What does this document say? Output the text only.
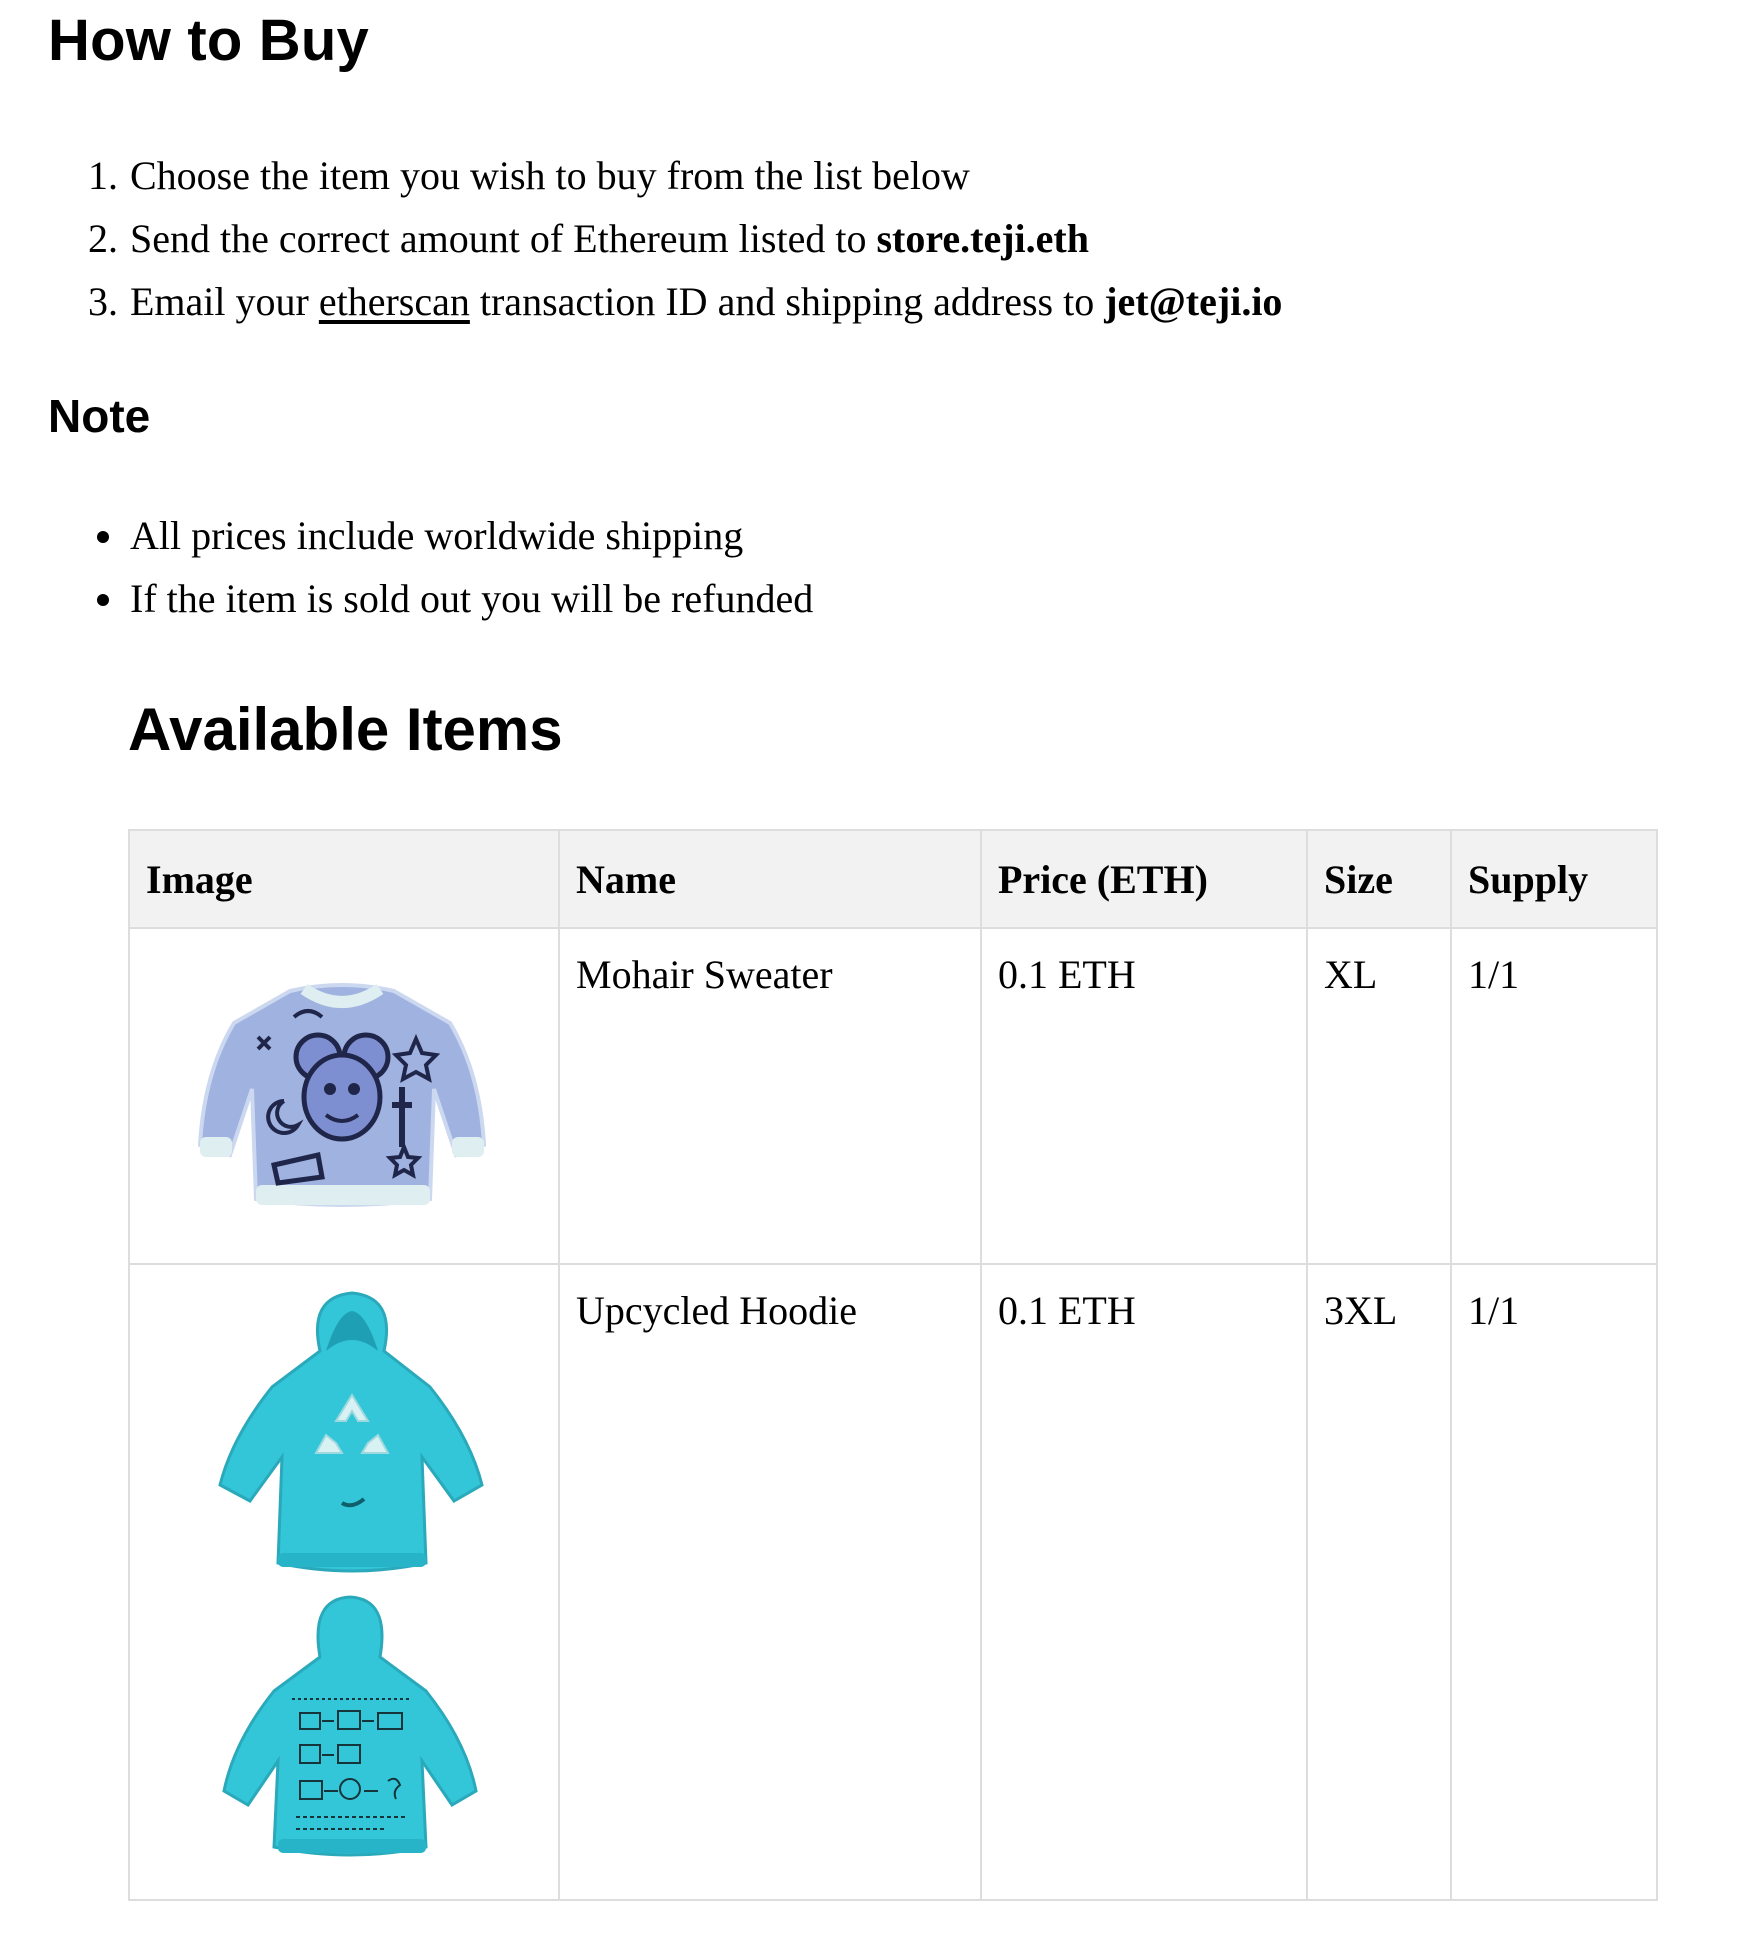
How to Buy
1. Choose the item you wish to buy from the list below
2. Send the correct amount of Ethereum listed to store.teji.eth
3. Email your etherscan transaction ID and shipping address to jet@teji.io
Note
• All prices include worldwide shipping
• If the item is sold out you will be refunded
Available Items
Image	Name	Price (ETH)	Size	Supply

	Mohair Sweater	0.1 ETH	XL	1/1

	Upcycled Hoodie	0.1 ETH	3XL	1/1
